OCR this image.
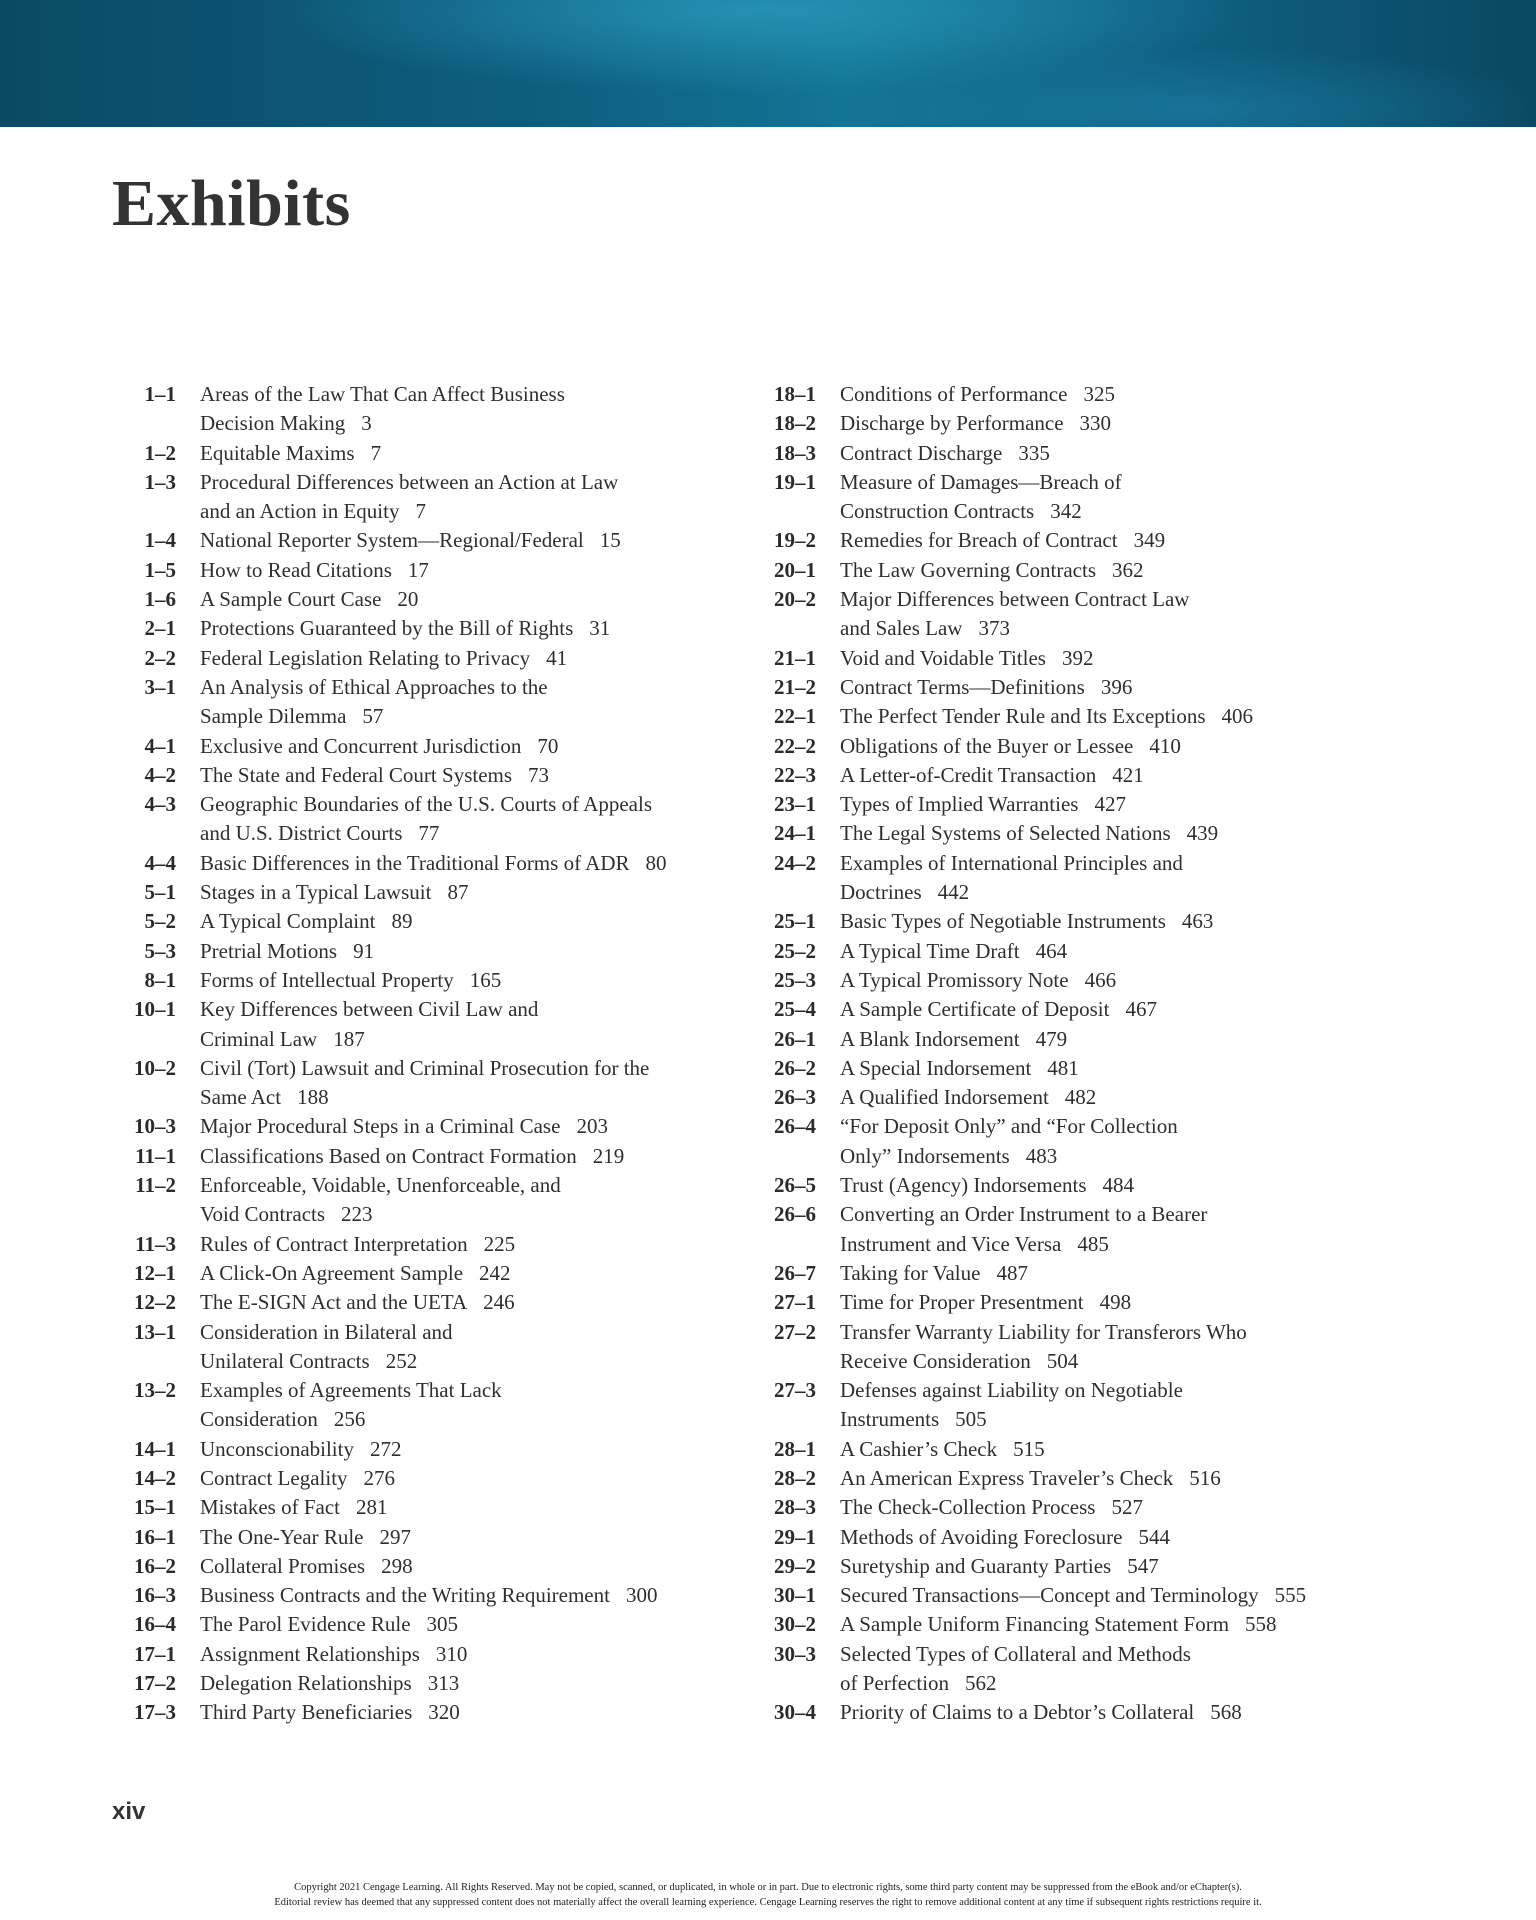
Exhibits
1–1 Areas of the Law That Can Affect Business
Decision Making 3
1–2 Equitable Maxims 7
1–3 Procedural Differences between an Action at Law
and an Action in Equity 7
1–4 National Reporter System—Regional/Federal 15
1–5 How to Read Citations 17
1–6 A Sample Court Case 20
2–1 Protections Guaranteed by the Bill of Rights 31
2–2 Federal Legislation Relating to Privacy 41
3–1 An Analysis of Ethical Approaches to the
Sample Dilemma 57
4–1 Exclusive and Concurrent Jurisdiction 70
4–2 The State and Federal Court Systems 73
4–3 Geographic Boundaries of the U.S. Courts of Appeals
and U.S. District Courts 77
4–4 Basic Differences in the Traditional Forms of ADR 80
5–1 Stages in a Typical Lawsuit 87
5–2 A Typical Complaint 89
5–3 Pretrial Motions 91
8–1 Forms of Intellectual Property 165
10–1 Key Differences between Civil Law and
Criminal Law 187
10–2 Civil (Tort) Lawsuit and Criminal Prosecution for the
Same Act 188
10–3 Major Procedural Steps in a Criminal Case 203
11–1 Classifications Based on Contract Formation 219
11–2 Enforceable, Voidable, Unenforceable, and
Void Contracts 223
11–3 Rules of Contract Interpretation 225
12–1 A Click-On Agreement Sample 242
12–2 The E-SIGN Act and the UETA 246
13–1 Consideration in Bilateral and
Unilateral Contracts 252
13–2 Examples of Agreements That Lack
Consideration 256
14–1 Unconscionability 272
14–2 Contract Legality 276
15–1 Mistakes of Fact 281
16–1 The One-Year Rule 297
16–2 Collateral Promises 298
16–3 Business Contracts and the Writing Requirement 300
16–4 The Parol Evidence Rule 305
17–1 Assignment Relationships 310
17–2 Delegation Relationships 313
17–3 Third Party Beneficiaries 320
18–1 Conditions of Performance 325
18–2 Discharge by Performance 330
18–3 Contract Discharge 335
19–1 Measure of Damages—Breach of
Construction Contracts 342
19–2 Remedies for Breach of Contract 349
20–1 The Law Governing Contracts 362
20–2 Major Differences between Contract Law
and Sales Law 373
21–1 Void and Voidable Titles 392
21–2 Contract Terms—Definitions 396
22–1 The Perfect Tender Rule and Its Exceptions 406
22–2 Obligations of the Buyer or Lessee 410
22–3 A Letter-of-Credit Transaction 421
23–1 Types of Implied Warranties 427
24–1 The Legal Systems of Selected Nations 439
24–2 Examples of International Principles and
Doctrines 442
25–1 Basic Types of Negotiable Instruments 463
25–2 A Typical Time Draft 464
25–3 A Typical Promissory Note 466
25–4 A Sample Certificate of Deposit 467
26–1 A Blank Indorsement 479
26–2 A Special Indorsement 481
26–3 A Qualified Indorsement 482
26–4 “For Deposit Only” and “For Collection
Only” Indorsements 483
26–5 Trust (Agency) Indorsements 484
26–6 Converting an Order Instrument to a Bearer
Instrument and Vice Versa 485
26–7 Taking for Value 487
27–1 Time for Proper Presentment 498
27–2 Transfer Warranty Liability for Transferors Who
Receive Consideration 504
27–3 Defenses against Liability on Negotiable
Instruments 505
28–1 A Cashier’s Check 515
28–2 An American Express Traveler’s Check 516
28–3 The Check-Collection Process 527
29–1 Methods of Avoiding Foreclosure 544
29–2 Suretyship and Guaranty Parties 547
30–1 Secured Transactions—Concept and Terminology 555
30–2 A Sample Uniform Financing Statement Form 558
30–3 Selected Types of Collateral and Methods
of Perfection 562
30–4 Priority of Claims to a Debtor’s Collateral 568
xiv
Copyright 2021 Cengage Learning. All Rights Reserved. May not be copied, scanned, or duplicated, in whole or in part. Due to electronic rights, some third party content may be suppressed from the eBook and/or eChapter(s).
Editorial review has deemed that any suppressed content does not materially affect the overall learning experience. Cengage Learning reserves the right to remove additional content at any time if subsequent rights restrictions require it.
